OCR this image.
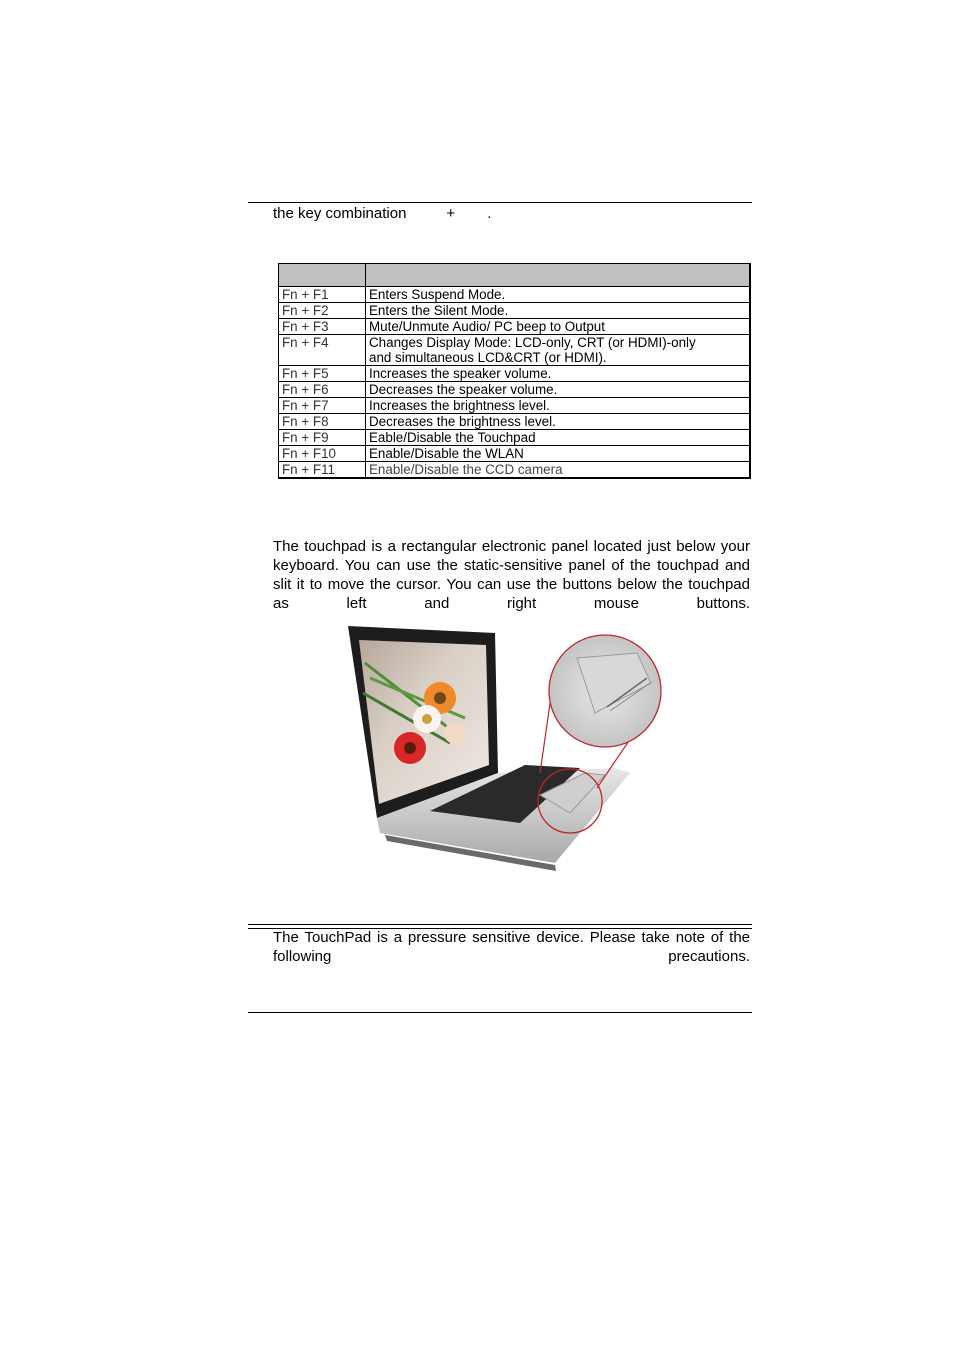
the key combination	+ .

Fn + F1	Enters Suspend Mode.
Fn + F2	Enters the Silent Mode.
Fn + F3	Mute/Unmute Audio/ PC beep to Output
Fn + F4	Changes Display Mode: LCD-only, CRT (or HDMI)-only
and simultaneous LCD&CRT (or HDMI).

Fn + F5	Increases the speaker volume.
Fn + F6	Decreases the speaker volume.
Fn + F7	Increases the brightness level.
Fn + F8	Decreases the brightness level.
Fn + F9	Eable/Disable the Touchpad
Fn + F10	Enable/Disable the WLAN
Fn + F11	Enable/Disable the CCD camera
The touchpad is a rectangular electronic panel located just below your keyboard. You can use the static-sensitive panel of the touchpad and slit it to move the cursor. You can use the buttons below the touchpad as left and right mouse buttons.
The TouchPad is a pressure sensitive device. Please take note of the following precautions.
